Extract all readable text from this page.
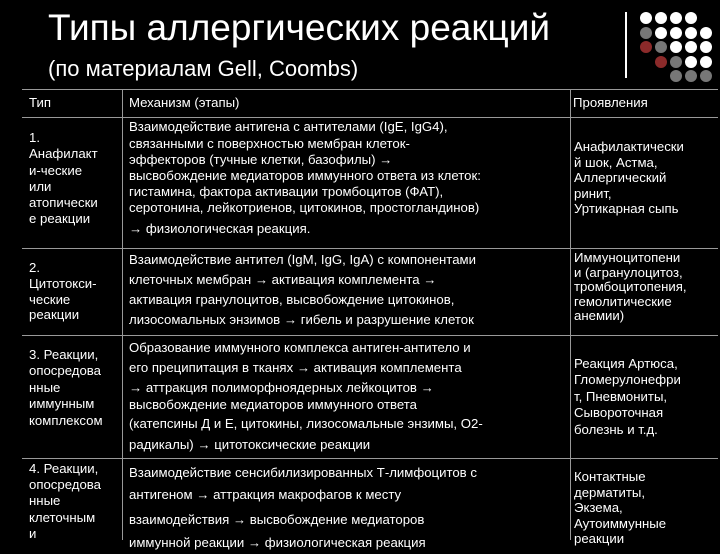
Типы аллергических реакций
(по материалам Gell, Coombs)
Тип	Механизм (этапы)	Проявления
1.
Анафилакт
и-ческие
или
атопически
е реакции
Взаимодействие антигена с антителами (IgE, IgG4),
связанными с поверхностью мембран клеток-
эффекторов (тучные клетки, базофилы) →
высвобождение медиаторов иммунного ответа из клеток:
гистамина, фактора активации тромбоцитов (ФАТ),
серотонина, лейкотриенов, цитокинов, простогландинов)
→ физиологическая реакция.
Анафилактически
й шок, Астма,
Аллергический
ринит,
Уртикарная сыпь
2.
Цитотокси-
ческие
реакции
Взаимодействие антител (IgM, IgG, IgA) с компонентами
клеточных мембран → активация комплемента →
активация гранулоцитов, высвобождение цитокинов,
лизосомальных энзимов → гибель и разрушение клеток
Иммуноцитопени
и (агранулоцитоз,
тромбоцитопения,
гемолитические
анемии)
3. Реакции,
опосредова
нные
иммунным
комплексом
Образование иммунного комплекса антиген-антитело и
его преципитация в тканях → активация комплемента
→ аттракция полиморфноядерных лейкоцитов →
высвобождение медиаторов иммунного ответа
(катепсины Д и Е, цитокины, лизосомальные энзимы, О2-
радикалы) → цитотоксические реакции
Реакция Артюса,
Гломерулонефри
т, Пневмониты,
Сывороточная
болезнь и т.д.
4. Реакции,
опосредова
нные
клеточным
и
Взаимодействие сенсибилизированных Т-лимфоцитов с
антигеном → аттракция макрофагов к месту
взаимодействия → высвобождение медиаторов
иммунной реакции → физиологическая реакция
Контактные
дерматиты,
Экзема,
Аутоиммунные
реакции
